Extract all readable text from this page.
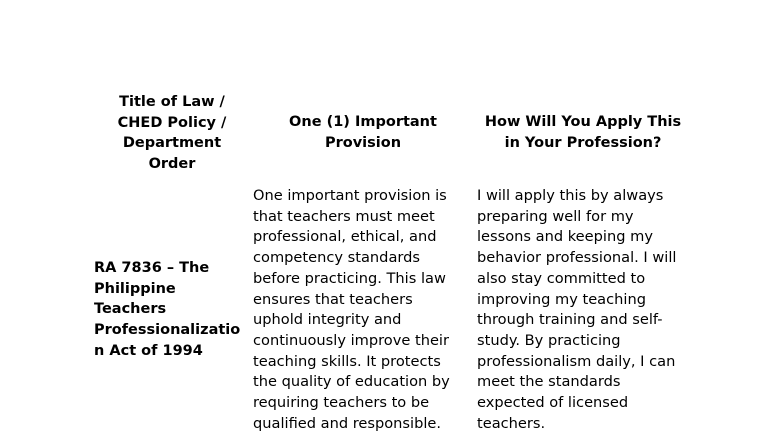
Title of Law /
CHED Policy /
Department
Order
One (1) Important
Provision
How Will You Apply This
in Your Profession?
RA 7836 – The
Philippine
Teachers
Professionalizatio
n Act of 1994
One important provision is
that teachers must meet
professional, ethical, and
competency standards
before practicing. This law
ensures that teachers
uphold integrity and
continuously improve their
teaching skills. It protects
the quality of education by
requiring teachers to be
qualified and responsible.
I will apply this by always
preparing well for my
lessons and keeping my
behavior professional. I will
also stay committed to
improving my teaching
through training and self-
study. By practicing
professionalism daily, I can
meet the standards
expected of licensed
teachers.
